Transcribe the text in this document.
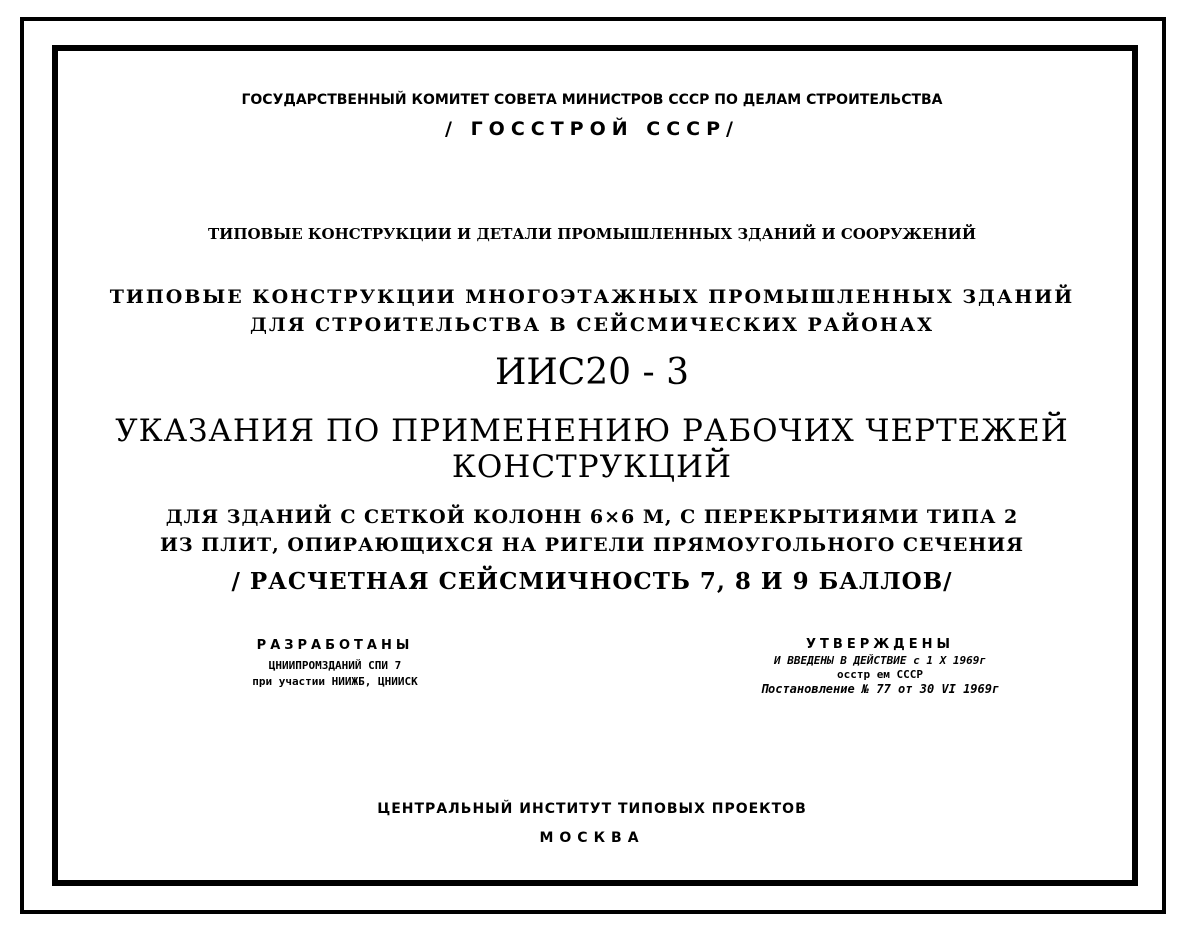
ГОСУДАРСТВЕННЫЙ КОМИТЕТ СОВЕТА МИНИСТРОВ СССР ПО ДЕЛАМ СТРОИТЕЛЬСТВА
/ ГОССТРОЙ СССР/
ТИПОВЫЕ КОНСТРУКЦИИ И ДЕТАЛИ ПРОМЫШЛЕННЫХ ЗДАНИЙ И СООРУЖЕНИЙ
ТИПОВЫЕ КОНСТРУКЦИИ МНОГОЭТАЖНЫХ ПРОМЫШЛЕННЫХ ЗДАНИЙ
ДЛЯ СТРОИТЕЛЬСТВА В СЕЙСМИЧЕСКИХ РАЙОНАХ
ИИС20 - 3
УКАЗАНИЯ ПО ПРИМЕНЕНИЮ РАБОЧИХ ЧЕРТЕЖЕЙ
КОНСТРУКЦИЙ
ДЛЯ ЗДАНИЙ С СЕТКОЙ КОЛОНН 6×6 М, С ПЕРЕКРЫТИЯМИ ТИПА 2
ИЗ ПЛИТ, ОПИРАЮЩИХСЯ НА РИГЕЛИ ПРЯМОУГОЛЬНОГО СЕЧЕНИЯ
/ РАСЧЕТНАЯ СЕЙСМИЧНОСТЬ 7, 8 И 9 БАЛЛОВ/
РАЗРАБОТАНЫ
ЦНИИПРОМЗДАНИЙ СПИ 7
при участии НИИЖБ, ЦНИИСК
УТВЕРЖДЕНЫ
И ВВЕДЕНЫ В ДЕЙСТВИЕ с 1 X 1969г
осстр ем СССР
Постановление № 77 от 30 VI 1969г
ЦЕНТРАЛЬНЫЙ ИНСТИТУТ ТИПОВЫХ ПРОЕКТОВ
МОСКВА
